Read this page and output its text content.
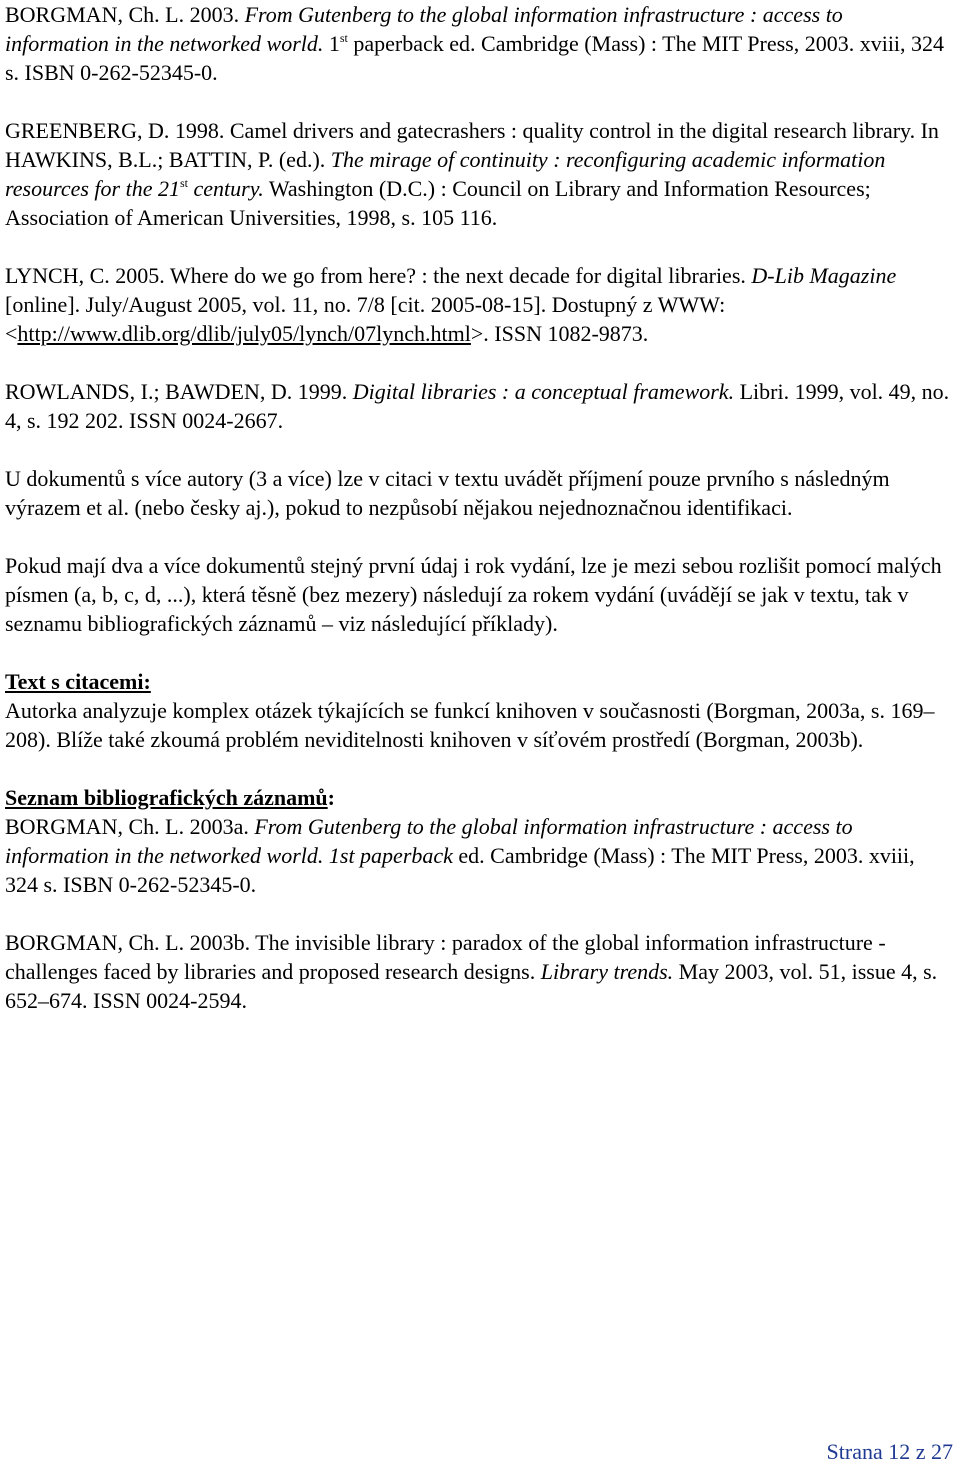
BORGMAN, Ch. L. 2003. From Gutenberg to the global information infrastructure : access to information in the networked world. 1st paperback ed. Cambridge (Mass) : The MIT Press, 2003. xviii, 324 s. ISBN 0-262-52345-0.

GREENBERG, D. 1998. Camel drivers and gatecrashers : quality control in the digital research library. In HAWKINS, B.L.; BATTIN, P. (ed.). The mirage of continuity : reconfiguring academic information resources for the 21st century. Washington (D.C.) : Council on Library and Information Resources; Association of American Universities, 1998, s. 105 116.

LYNCH, C. 2005. Where do we go from here? : the next decade for digital libraries. D-Lib Magazine [online]. July/August 2005, vol. 11, no. 7/8 [cit. 2005-08-15]. Dostupný z WWW: <http://www.dlib.org/dlib/july05/lynch/07lynch.html>. ISSN 1082-9873.

ROWLANDS, I.; BAWDEN, D. 1999. Digital libraries : a conceptual framework. Libri. 1999, vol. 49, no. 4, s. 192 202. ISSN 0024-2667.

U dokumentů s více autory (3 a více) lze v citaci v textu uvádět příjmení pouze prvního s následným výrazem et al. (nebo česky aj.), pokud to nezpůsobí nějakou nejednoznačnou identifikaci.

Pokud mají dva a více dokumentů stejný první údaj i rok vydání, lze je mezi sebou rozlišit pomocí malých písmen (a, b, c, d, ...), která těsně (bez mezery) následují za rokem vydání (uvádějí se jak v textu, tak v seznamu bibliografických záznamů – viz následující příklady).

Text s citacemi:

Autorka analyzuje komplex otázek týkajících se funkcí knihoven v současnosti (Borgman, 2003a, s. 169–208). Blíže také zkoumá problém neviditelnosti knihoven v síťovém prostředí (Borgman, 2003b).

Seznam bibliografických záznamů:

BORGMAN, Ch. L. 2003a. From Gutenberg to the global information infrastructure : access to information in the networked world. 1st paperback ed. Cambridge (Mass) : The MIT Press, 2003. xviii, 324 s. ISBN 0-262-52345-0.

BORGMAN, Ch. L. 2003b. The invisible library : paradox of the global information infrastructure - challenges faced by libraries and proposed research designs. Library trends. May 2003, vol. 51, issue 4, s. 652–674. ISSN 0024-2594.

Strana 12 z 27
